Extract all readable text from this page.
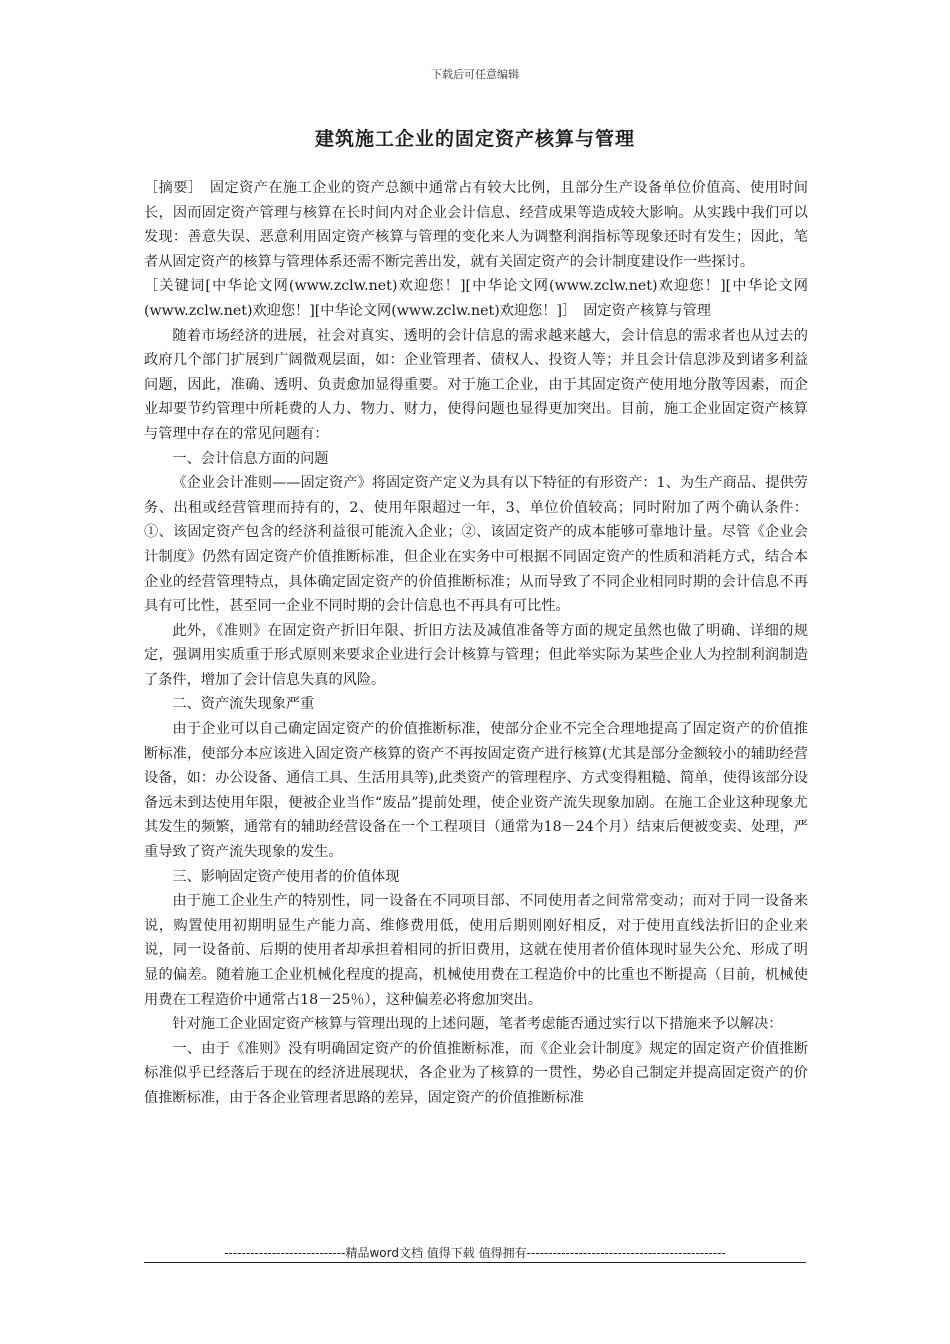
下载后可任意编辑
建筑施工企业的固定资产核算与管理

［摘要］　固定资产在施工企业的资产总额中通常占有较大比例，且部分生产设备单位价值高、使用时间长，因而固定资产管理与核算在长时间内对企业会计信息、经营成果等造成较大影响。从实践中我们可以发现：善意失误、恶意利用固定资产核算与管理的变化来人为调整利润指标等现象还时有发生；因此，笔者从固定资产的核算与管理体系还需不断完善出发，就有关固定资产的会计制度建设作一些探讨。

［关键词[中华论文网(www.zclw.net)欢迎您！][中华论文网(www.zclw.net)欢迎您！][中华论文网(www.zclw.net)欢迎您！][中华论文网(www.zclw.net)欢迎您！]］　固定资产核算与管理

随着市场经济的进展，社会对真实、透明的会计信息的需求越来越大，会计信息的需求者也从过去的政府几个部门扩展到广阔微观层面，如：企业管理者、债权人、投资人等；并且会计信息涉及到诸多利益问题，因此，准确、透明、负责愈加显得重要。对于施工企业，由于其固定资产使用地分散等因素，而企业却要节约管理中所耗费的人力、物力、财力，使得问题也显得更加突出。目前，施工企业固定资产核算与管理中存在的常见问题有：

一、会计信息方面的问题

《企业会计准则——固定资产》将固定资产定义为具有以下特征的有形资产：1、为生产商品、提供劳务、出租或经营管理而持有的，2、使用年限超过一年，3、单位价值较高；同时附加了两个确认条件：①、该固定资产包含的经济利益很可能流入企业；②、该固定资产的成本能够可靠地计量。尽管《企业会计制度》仍然有固定资产价值推断标准，但企业在实务中可根据不同固定资产的性质和消耗方式，结合本企业的经营管理特点，具体确定固定资产的价值推断标准；从而导致了不同企业相同时期的会计信息不再具有可比性，甚至同一企业不同时期的会计信息也不再具有可比性。

此外，《准则》在固定资产折旧年限、折旧方法及减值准备等方面的规定虽然也做了明确、详细的规定，强调用实质重于形式原则来要求企业进行会计核算与管理；但此举实际为某些企业人为控制利润制造了条件，增加了会计信息失真的风险。

二、资产流失现象严重

由于企业可以自己确定固定资产的价值推断标准，使部分企业不完全合理地提高了固定资产的价值推断标准，使部分本应该进入固定资产核算的资产不再按固定资产进行核算(尤其是部分金额较小的辅助经营设备，如：办公设备、通信工具、生活用具等),此类资产的管理程序、方式变得粗糙、简单，使得该部分设备远未到达使用年限，便被企业当作“废品”提前处理，使企业资产流失现象加剧。在施工企业这种现象尤其发生的频繁，通常有的辅助经营设备在一个工程项目（通常为18－24个月）结束后便被变卖、处理，严重导致了资产流失现象的发生。

三、影响固定资产使用者的价值体现

由于施工企业生产的特别性，同一设备在不同项目部、不同使用者之间常常变动；而对于同一设备来说，购置使用初期明显生产能力高、维修费用低，使用后期则刚好相反，对于使用直线法折旧的企业来说，同一设备前、后期的使用者却承担着相同的折旧费用，这就在使用者价值体现时显失公允、形成了明显的偏差。随着施工企业机械化程度的提高，机械使用费在工程造价中的比重也不断提高（目前，机械使用费在工程造价中通常占18－25％），这种偏差必将愈加突出。

针对施工企业固定资产核算与管理出现的上述问题，笔者考虑能否通过实行以下措施来予以解决：

一、由于《准则》没有明确固定资产的价值推断标准，而《企业会计制度》规定的固定资产价值推断标准似乎已经落后于现在的经济进展现状，各企业为了核算的一贯性，势必自己制定并提高固定资产的价值推断标准，由于各企业管理者思路的差异，固定资产的价值推断标准

----------------------------精品word文档 值得下载 值得拥有----------------------------------------------
